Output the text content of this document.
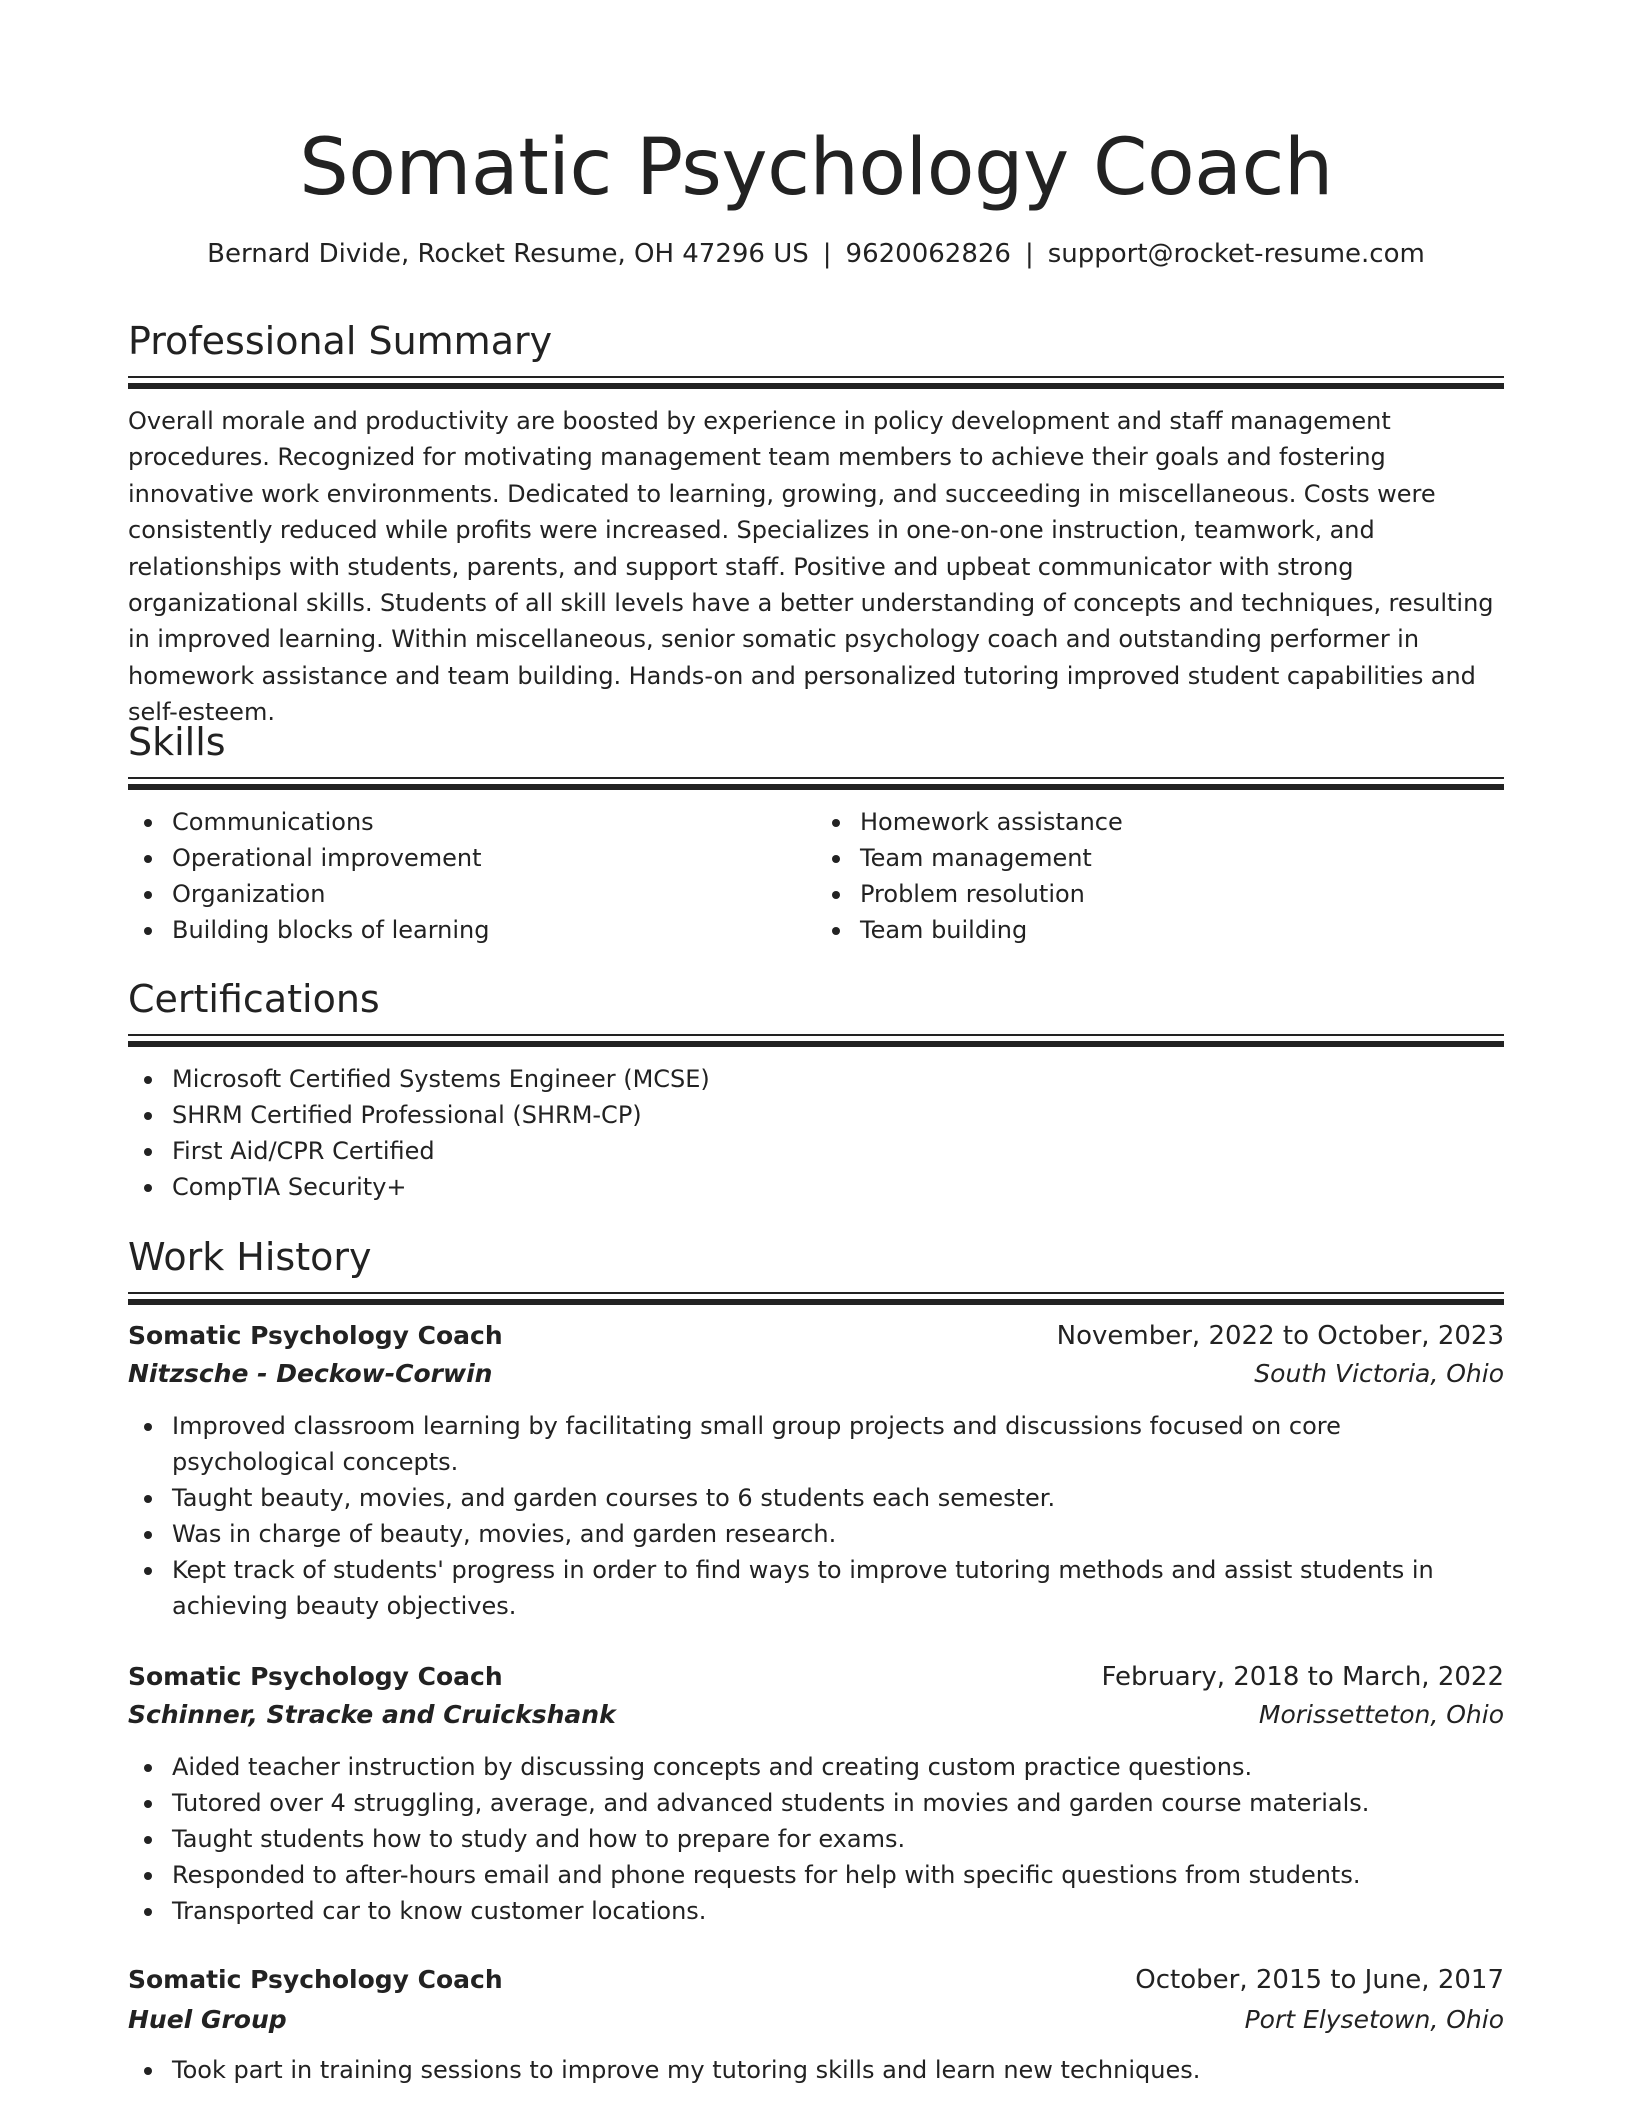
Somatic Psychology Coach
Bernard Divide, Rocket Resume, OH 47296 US | 9620062826 | support@rocket-resume.com
Professional Summary

Overall morale and productivity are boosted by experience in policy development and staff management procedures. Recognized for motivating management team members to achieve their goals and fostering innovative work environments. Dedicated to learning, growing, and succeeding in miscellaneous. Costs were consistently reduced while profits were increased. Specializes in one-on-one instruction, teamwork, and relationships with students, parents, and support staff. Positive and upbeat communicator with strong organizational skills. Students of all skill levels have a better understanding of concepts and techniques, resulting in improved learning. Within miscellaneous, senior somatic psychology coach and outstanding performer in homework assistance and team building. Hands-on and personalized tutoring improved student capabilities and self-esteem.

Skills
Communications
Operational improvement
Organization
Building blocks of learning
Homework assistance
Team management
Problem resolution
Team building
Certifications
Microsoft Certified Systems Engineer (MCSE)
SHRM Certified Professional (SHRM-CP)
First Aid/CPR Certified
CompTIA Security+
Work History
Somatic Psychology Coach	November, 2022 to October, 2023
Nitzsche - Deckow-Corwin	South Victoria, Ohio
Improved classroom learning by facilitating small group projects and discussions focused on core psychological concepts.
Taught beauty, movies, and garden courses to 6 students each semester.
Was in charge of beauty, movies, and garden research.
Kept track of students' progress in order to find ways to improve tutoring methods and assist students in achieving beauty objectives.
Somatic Psychology Coach	February, 2018 to March, 2022
Schinner, Stracke and Cruickshank	Morissetteton, Ohio
Aided teacher instruction by discussing concepts and creating custom practice questions.
Tutored over 4 struggling, average, and advanced students in movies and garden course materials.
Taught students how to study and how to prepare for exams.
Responded to after-hours email and phone requests for help with specific questions from students.
Transported car to know customer locations.
Somatic Psychology Coach	October, 2015 to June, 2017
Huel Group	Port Elysetown, Ohio
Took part in training sessions to improve my tutoring skills and learn new techniques.
